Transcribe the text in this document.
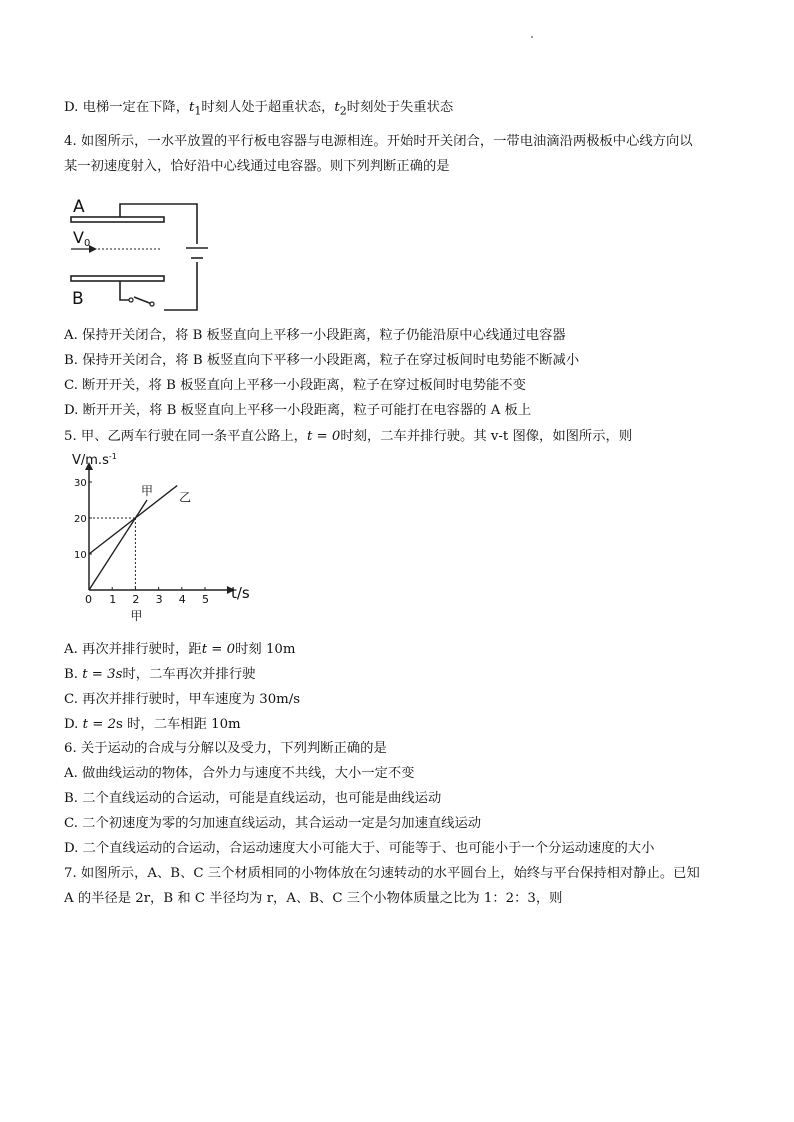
D. 电梯一定在下降，$t_1$时刻人处于超重状态，$t_2$时刻处于失重状态
4. 如图所示，一水平放置的平行板电容器与电源相连。开始时开关闭合，一带电油滴沿两极板中心线方向以
某一初速度射入，恰好沿中心线通过电容器。则下列判断正确的是
A
B
V0
A. 保持开关闭合，将 B 板竖直向上平移一小段距离，粒子仍能沿原中心线通过电容器
B. 保持开关闭合，将 B 板竖直向下平移一小段距离，粒子在穿过板间时电势能不断减小
C. 断开开关，将 B 板竖直向上平移一小段距离，粒子在穿过板间时电势能不变
D. 断开开关，将 B 板竖直向上平移一小段距离，粒子可能打在电容器的 A 板上
5. 甲、乙两车行驶在同一条平直公路上，t = 0时刻，二车并排行驶。其 v-t 图像，如图所示，则
$V/m.s^{-1}$
t/s
0 1 2 3 4 5
10
20
30
甲 乙
甲
A. 再次并排行驶时，距t = 0时刻 10m
B. t = 3s时，二车再次并排行驶
C. 再次并排行驶时，甲车速度为 30m/s
D. t = 2s 时，二车相距 10m
6. 关于运动的合成与分解以及受力，下列判断正确的是
A. 做曲线运动的物体，合外力与速度不共线，大小一定不变
B. 二个直线运动的合运动，可能是直线运动，也可能是曲线运动
C. 二个初速度为零的匀加速直线运动，其合运动一定是匀加速直线运动
D. 二个直线运动的合运动，合运动速度大小可能大于、可能等于、也可能小于一个分运动速度的大小
7. 如图所示，A、B、C 三个材质相同的小物体放在匀速转动的水平圆台上，始终与平台保持相对静止。已知
A 的半径是 2r，B 和 C 半径均为 r，A、B、C 三个小物体质量之比为 1：2：3，则
